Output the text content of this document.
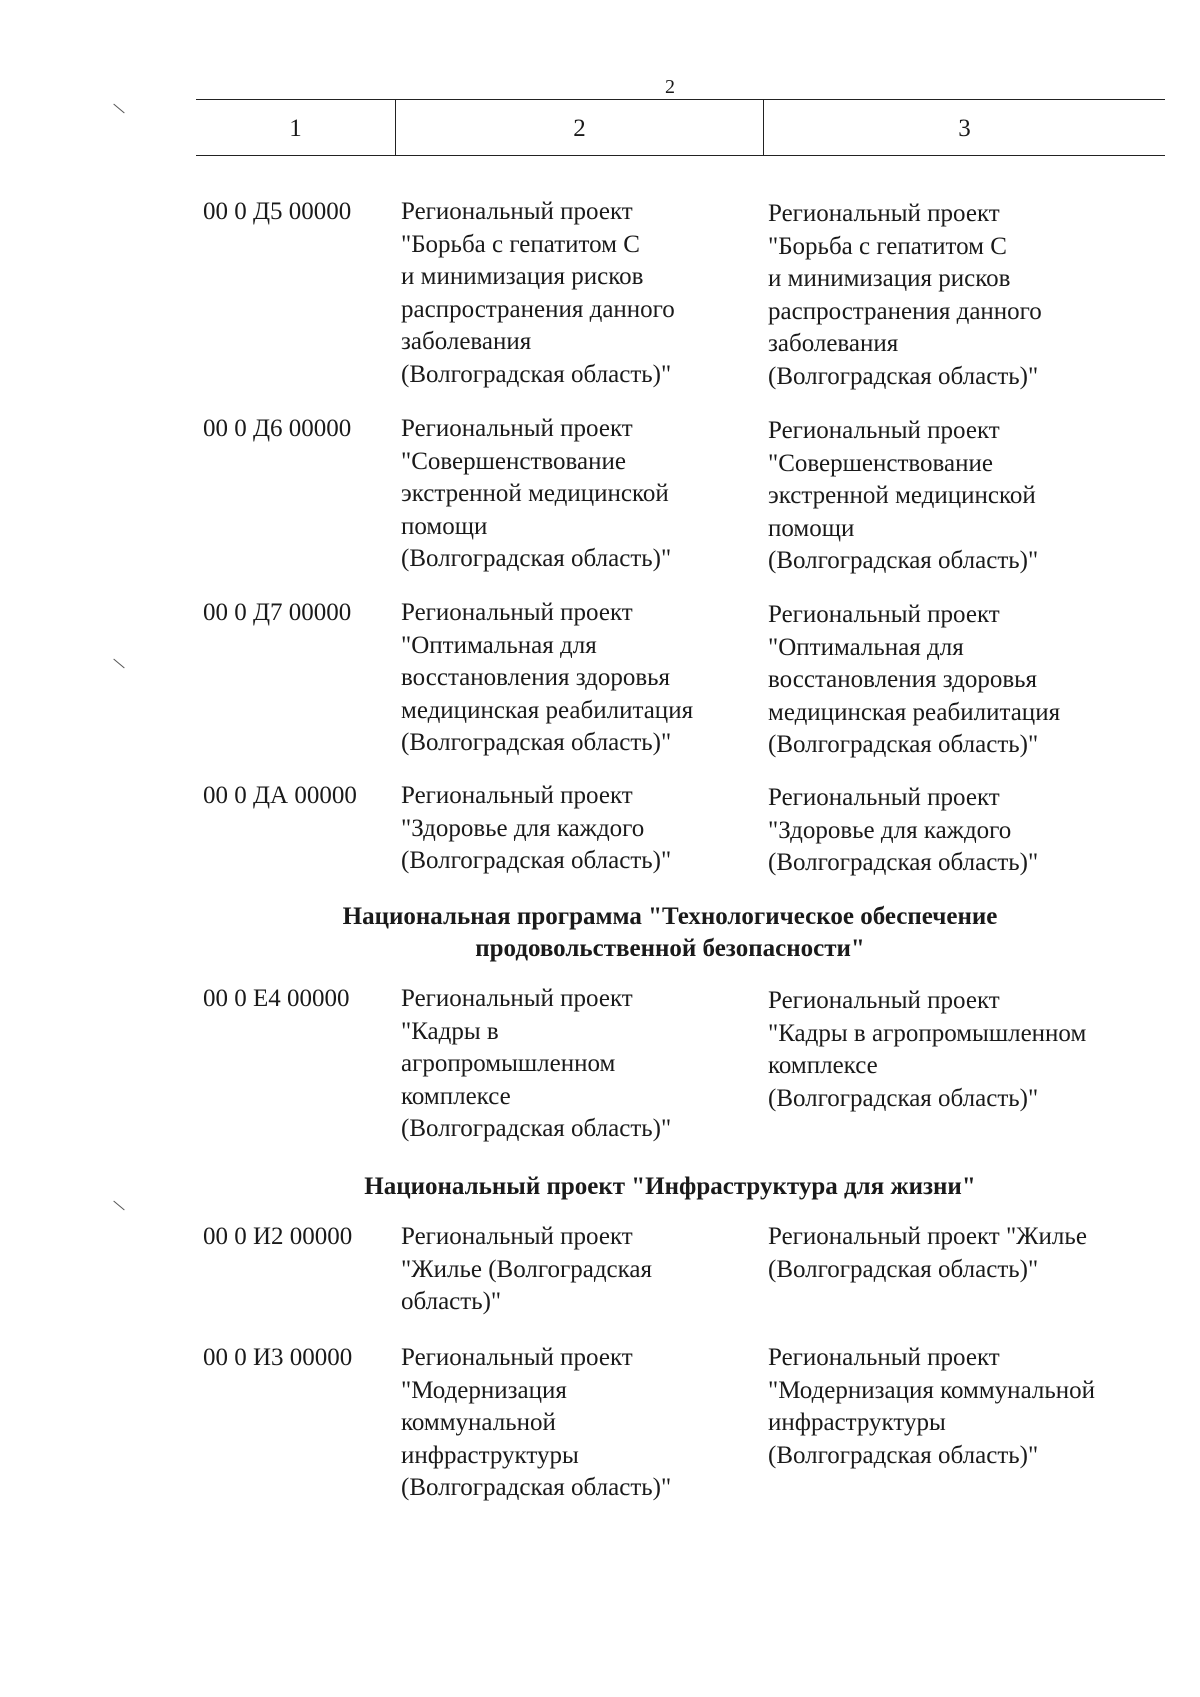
2
1	2	3
00 0 Д5 00000 Региональный проект
"Борьба с гепатитом С
и минимизация рисков
распространения данного
заболевания
(Волгоградская область)"
Региональный проект
"Борьба с гепатитом С
и минимизация рисков
распространения данного
заболевания
(Волгоградская область)"
00 0 Д6 00000 Региональный проект
"Совершенствование
экстренной медицинской
помощи
(Волгоградская область)"
Региональный проект
"Совершенствование
экстренной медицинской
помощи
(Волгоградская область)"
00 0 Д7 00000 Региональный проект
"Оптимальная для
восстановления здоровья
медицинская реабилитация
(Волгоградская область)"
Региональный проект
"Оптимальная для
восстановления здоровья
медицинская реабилитация
(Волгоградская область)"
00 0 ДА 00000 Региональный проект
"Здоровье для каждого
(Волгоградская область)"
Региональный проект
"Здоровье для каждого
(Волгоградская область)"
Национальная программа "Технологическое обеспечение
продовольственной безопасности"
00 0 Е4 00000 Региональный проект
"Кадры в
агропромышленном
комплексе
(Волгоградская область)"
Региональный проект
"Кадры в агропромышленном
комплексе
(Волгоградская область)"
Национальный проект "Инфраструктура для жизни"
00 0 И2 00000 Региональный проект
"Жилье (Волгоградская
область)"
Региональный проект "Жилье
(Волгоградская область)"
00 0 И3 00000 Региональный проект
"Модернизация
коммунальной
инфраструктуры
(Волгоградская область)"
Региональный проект
"Модернизация коммунальной
инфраструктуры
(Волгоградская область)"
